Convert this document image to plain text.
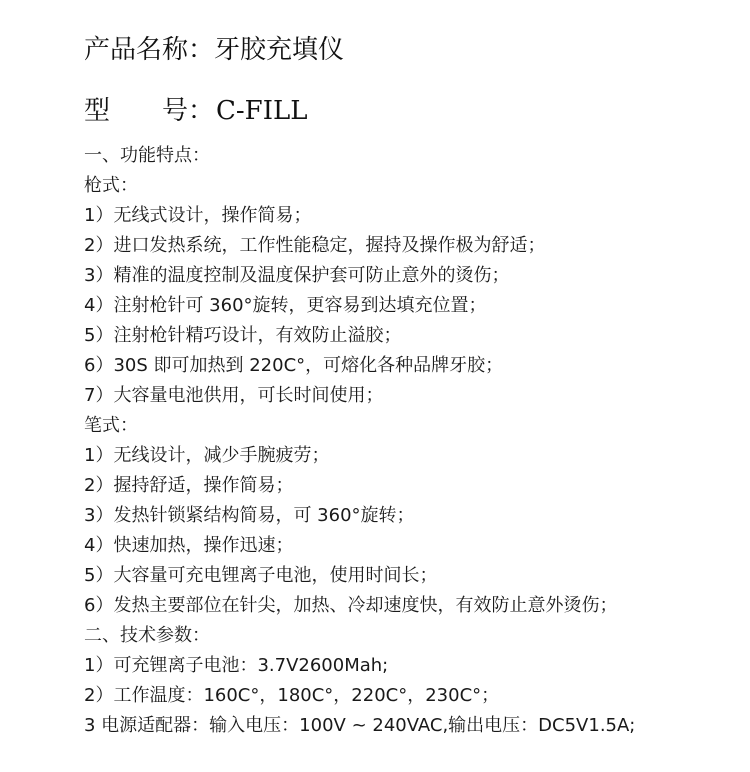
产品名称：牙胶充填仪
型 号：C-FILL
一、功能特点：
枪式：
1）无线式设计，操作简易；
2）进口发热系统，工作性能稳定，握持及操作极为舒适；
3）精准的温度控制及温度保护套可防止意外的烫伤；
4）注射枪针可 360°旋转，更容易到达填充位置；
5）注射枪针精巧设计，有效防止溢胶；
6）30S 即可加热到 220C°，可熔化各种品牌牙胶；
7）大容量电池供用，可长时间使用；
笔式：
1）无线设计，减少手腕疲劳；
2）握持舒适，操作简易；
3）发热针锁紧结构简易，可 360°旋转；
4）快速加热，操作迅速；
5）大容量可充电锂离子电池，使用时间长；
6）发热主要部位在针尖，加热、冷却速度快，有效防止意外烫伤；
二、技术参数：
1）可充锂离子电池：3.7V2600Mah;
2）工作温度：160C°，180C°，220C°，230C°；
3 电源适配器：输入电压：100V ~ 240VAC,输出电压：DC5V1.5A;
